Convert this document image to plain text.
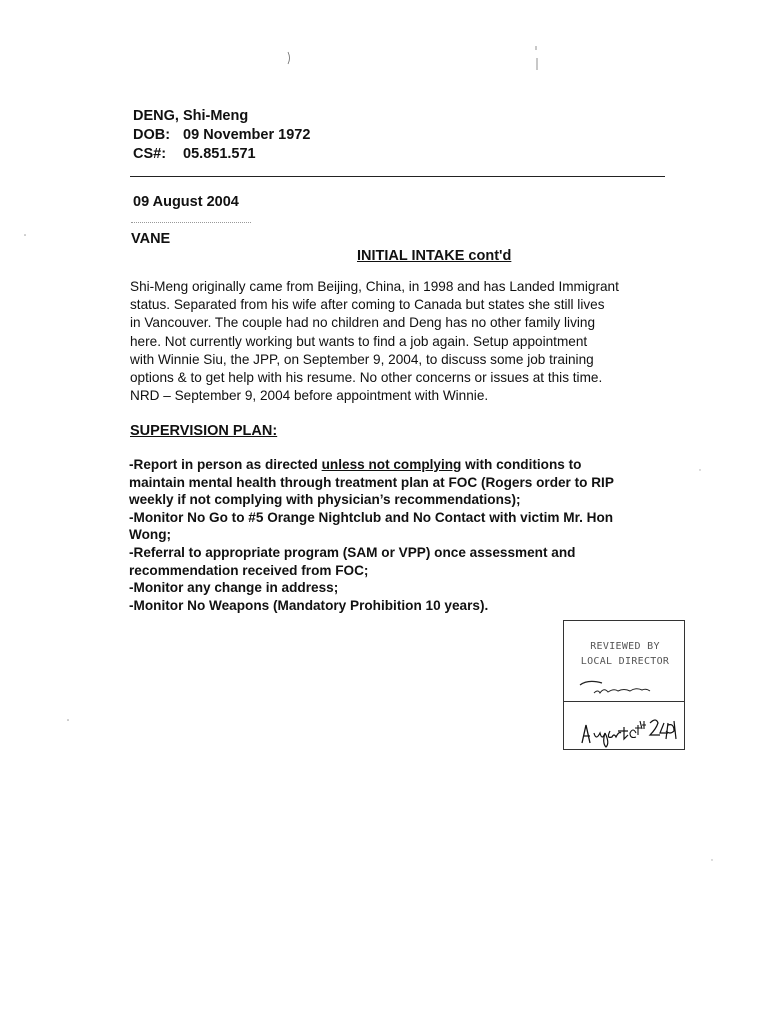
DENG, Shi-Meng
DOB: 09 November 1972
CS#: 05.851.571
09 August 2004
VANE
INITIAL INTAKE cont'd
Shi-Meng originally came from Beijing, China, in 1998 and has Landed Immigrant
status. Separated from his wife after coming to Canada but states she still lives
in Vancouver. The couple had no children and Deng has no other family living
here. Not currently working but wants to find a job again. Setup appointment
with Winnie Siu, the JPP, on September 9, 2004, to discuss some job training
options & to get help with his resume. No other concerns or issues at this time.
NRD – September 9, 2004 before appointment with Winnie.
SUPERVISION PLAN:
-Report in person as directed unless not complying with conditions to
maintain mental health through treatment plan at FOC (Rogers order to RIP
weekly if not complying with physician’s recommendations);
-Monitor No Go to #5 Orange Nightclub and No Contact with victim Mr. Hon
Wong;
-Referral to appropriate program (SAM or VPP) once assessment and
recommendation received from FOC;
-Monitor any change in address;
-Monitor No Weapons (Mandatory Prohibition 10 years).
REVIEWED BY
LOCAL DIRECTOR
